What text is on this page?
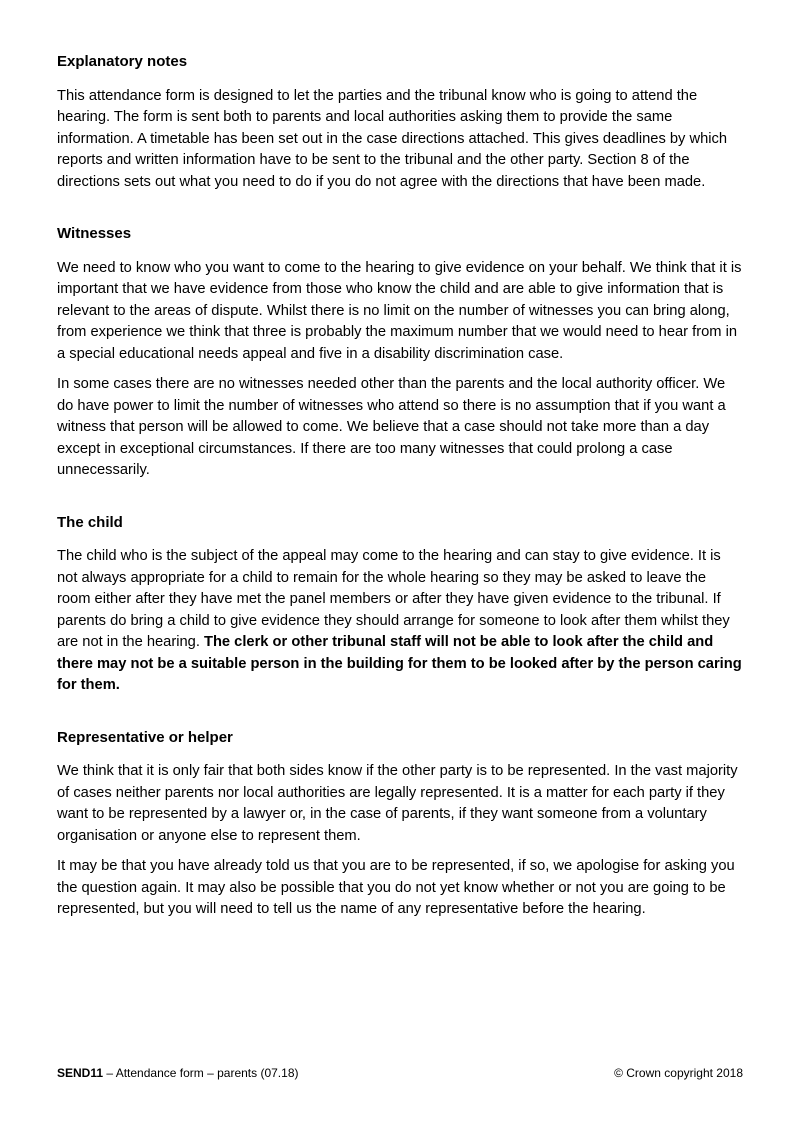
Explanatory notes

This attendance form is designed to let the parties and the tribunal know who is going to attend the hearing. The form is sent both to parents and local authorities asking them to provide the same information. A timetable has been set out in the case directions attached. This gives deadlines by which reports and written information have to be sent to the tribunal and the other party. Section 8 of the directions sets out what you need to do if you do not agree with the directions that have been made.

Witnesses

We need to know who you want to come to the hearing to give evidence on your behalf. We think that it is important that we have evidence from those who know the child and are able to give information that is relevant to the areas of dispute. Whilst there is no limit on the number of witnesses you can bring along, from experience we think that three is probably the maximum number that we would need to hear from in a special educational needs appeal and five in a disability discrimination case.

In some cases there are no witnesses needed other than the parents and the local authority officer. We do have power to limit the number of witnesses who attend so there is no assumption that if you want a witness that person will be allowed to come. We believe that a case should not take more than a day except in exceptional circumstances. If there are too many witnesses that could prolong a case unnecessarily.

The child

The child who is the subject of the appeal may come to the hearing and can stay to give evidence. It is not always appropriate for a child to remain for the whole hearing so they may be asked to leave the room either after they have met the panel members or after they have given evidence to the tribunal. If parents do bring a child to give evidence they should arrange for someone to look after them whilst they are not in the hearing. The clerk or other tribunal staff will not be able to look after the child and there may not be a suitable person in the building for them to be looked after by the person caring for them.

Representative or helper

We think that it is only fair that both sides know if the other party is to be represented. In the vast majority of cases neither parents nor local authorities are legally represented. It is a matter for each party if they want to be represented by a lawyer or, in the case of parents, if they want someone from a voluntary organisation or anyone else to represent them.

It may be that you have already told us that you are to be represented, if so, we apologise for asking you the question again. It may also be possible that you do not yet know whether or not you are going to be represented, but you will need to tell us the name of any representative before the hearing.

SEND11 – Attendance form – parents (07.18)	© Crown copyright 2018
